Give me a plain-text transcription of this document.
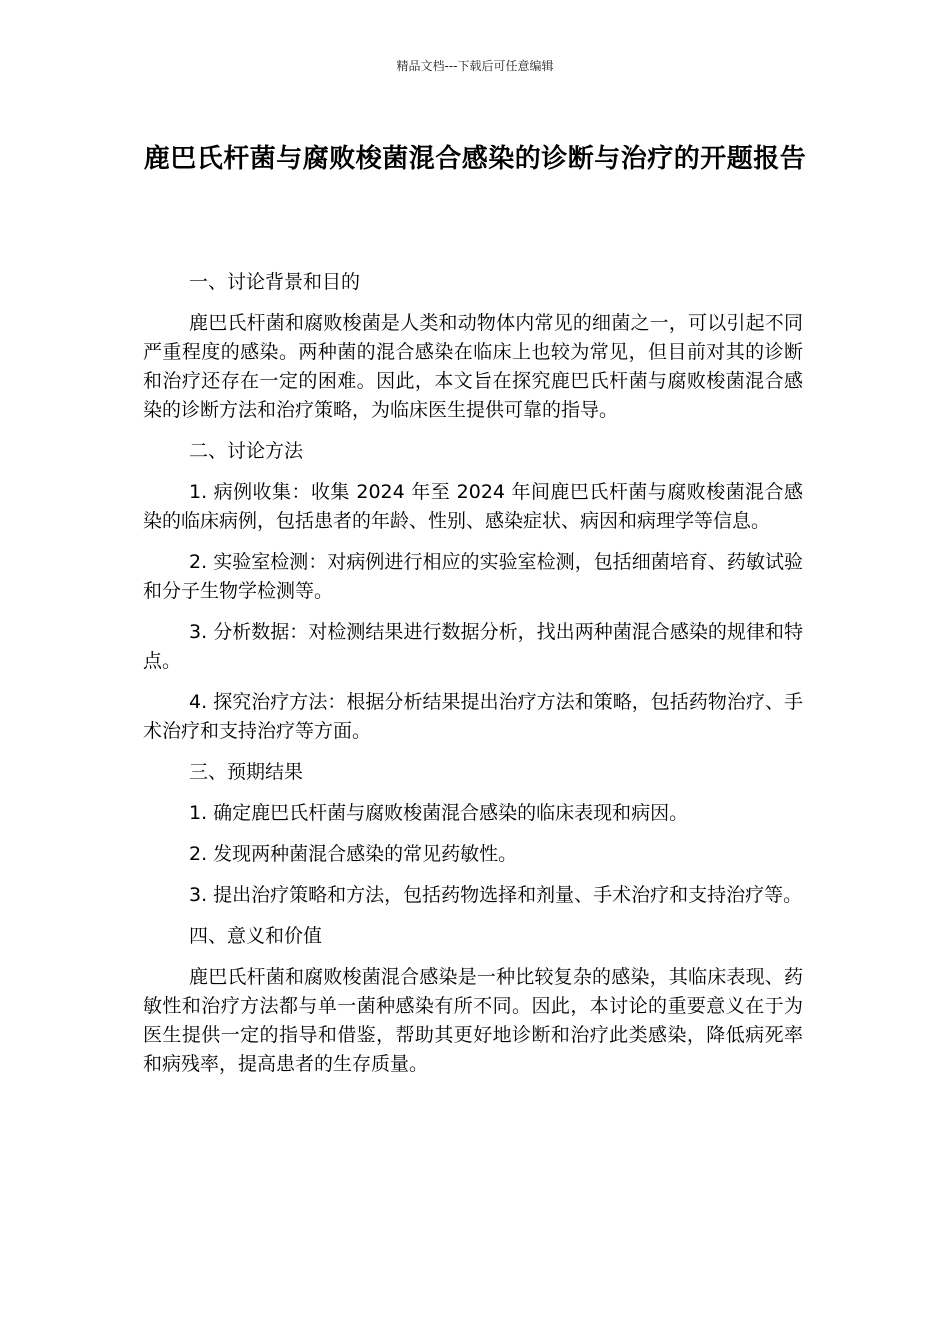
精品文档---下载后可任意编辑
鹿巴氏杆菌与腐败梭菌混合感染的诊断与治疗的开题报告
一、讨论背景和目的
鹿巴氏杆菌和腐败梭菌是人类和动物体内常见的细菌之一，可以引起不同严重程度的感染。两种菌的混合感染在临床上也较为常见，但目前对其的诊断和治疗还存在一定的困难。因此，本文旨在探究鹿巴氏杆菌与腐败梭菌混合感染的诊断方法和治疗策略，为临床医生提供可靠的指导。
二、讨论方法
1. 病例收集：收集 2024 年至 2024 年间鹿巴氏杆菌与腐败梭菌混合感染的临床病例，包括患者的年龄、性别、感染症状、病因和病理学等信息。
2. 实验室检测：对病例进行相应的实验室检测，包括细菌培育、药敏试验和分子生物学检测等。
3. 分析数据：对检测结果进行数据分析，找出两种菌混合感染的规律和特点。
4. 探究治疗方法：根据分析结果提出治疗方法和策略，包括药物治疗、手术治疗和支持治疗等方面。
三、预期结果
1. 确定鹿巴氏杆菌与腐败梭菌混合感染的临床表现和病因。
2. 发现两种菌混合感染的常见药敏性。
3. 提出治疗策略和方法，包括药物选择和剂量、手术治疗和支持治疗等。
四、意义和价值
鹿巴氏杆菌和腐败梭菌混合感染是一种比较复杂的感染，其临床表现、药敏性和治疗方法都与单一菌种感染有所不同。因此，本讨论的重要意义在于为医生提供一定的指导和借鉴，帮助其更好地诊断和治疗此类感染，降低病死率和病残率，提高患者的生存质量。
